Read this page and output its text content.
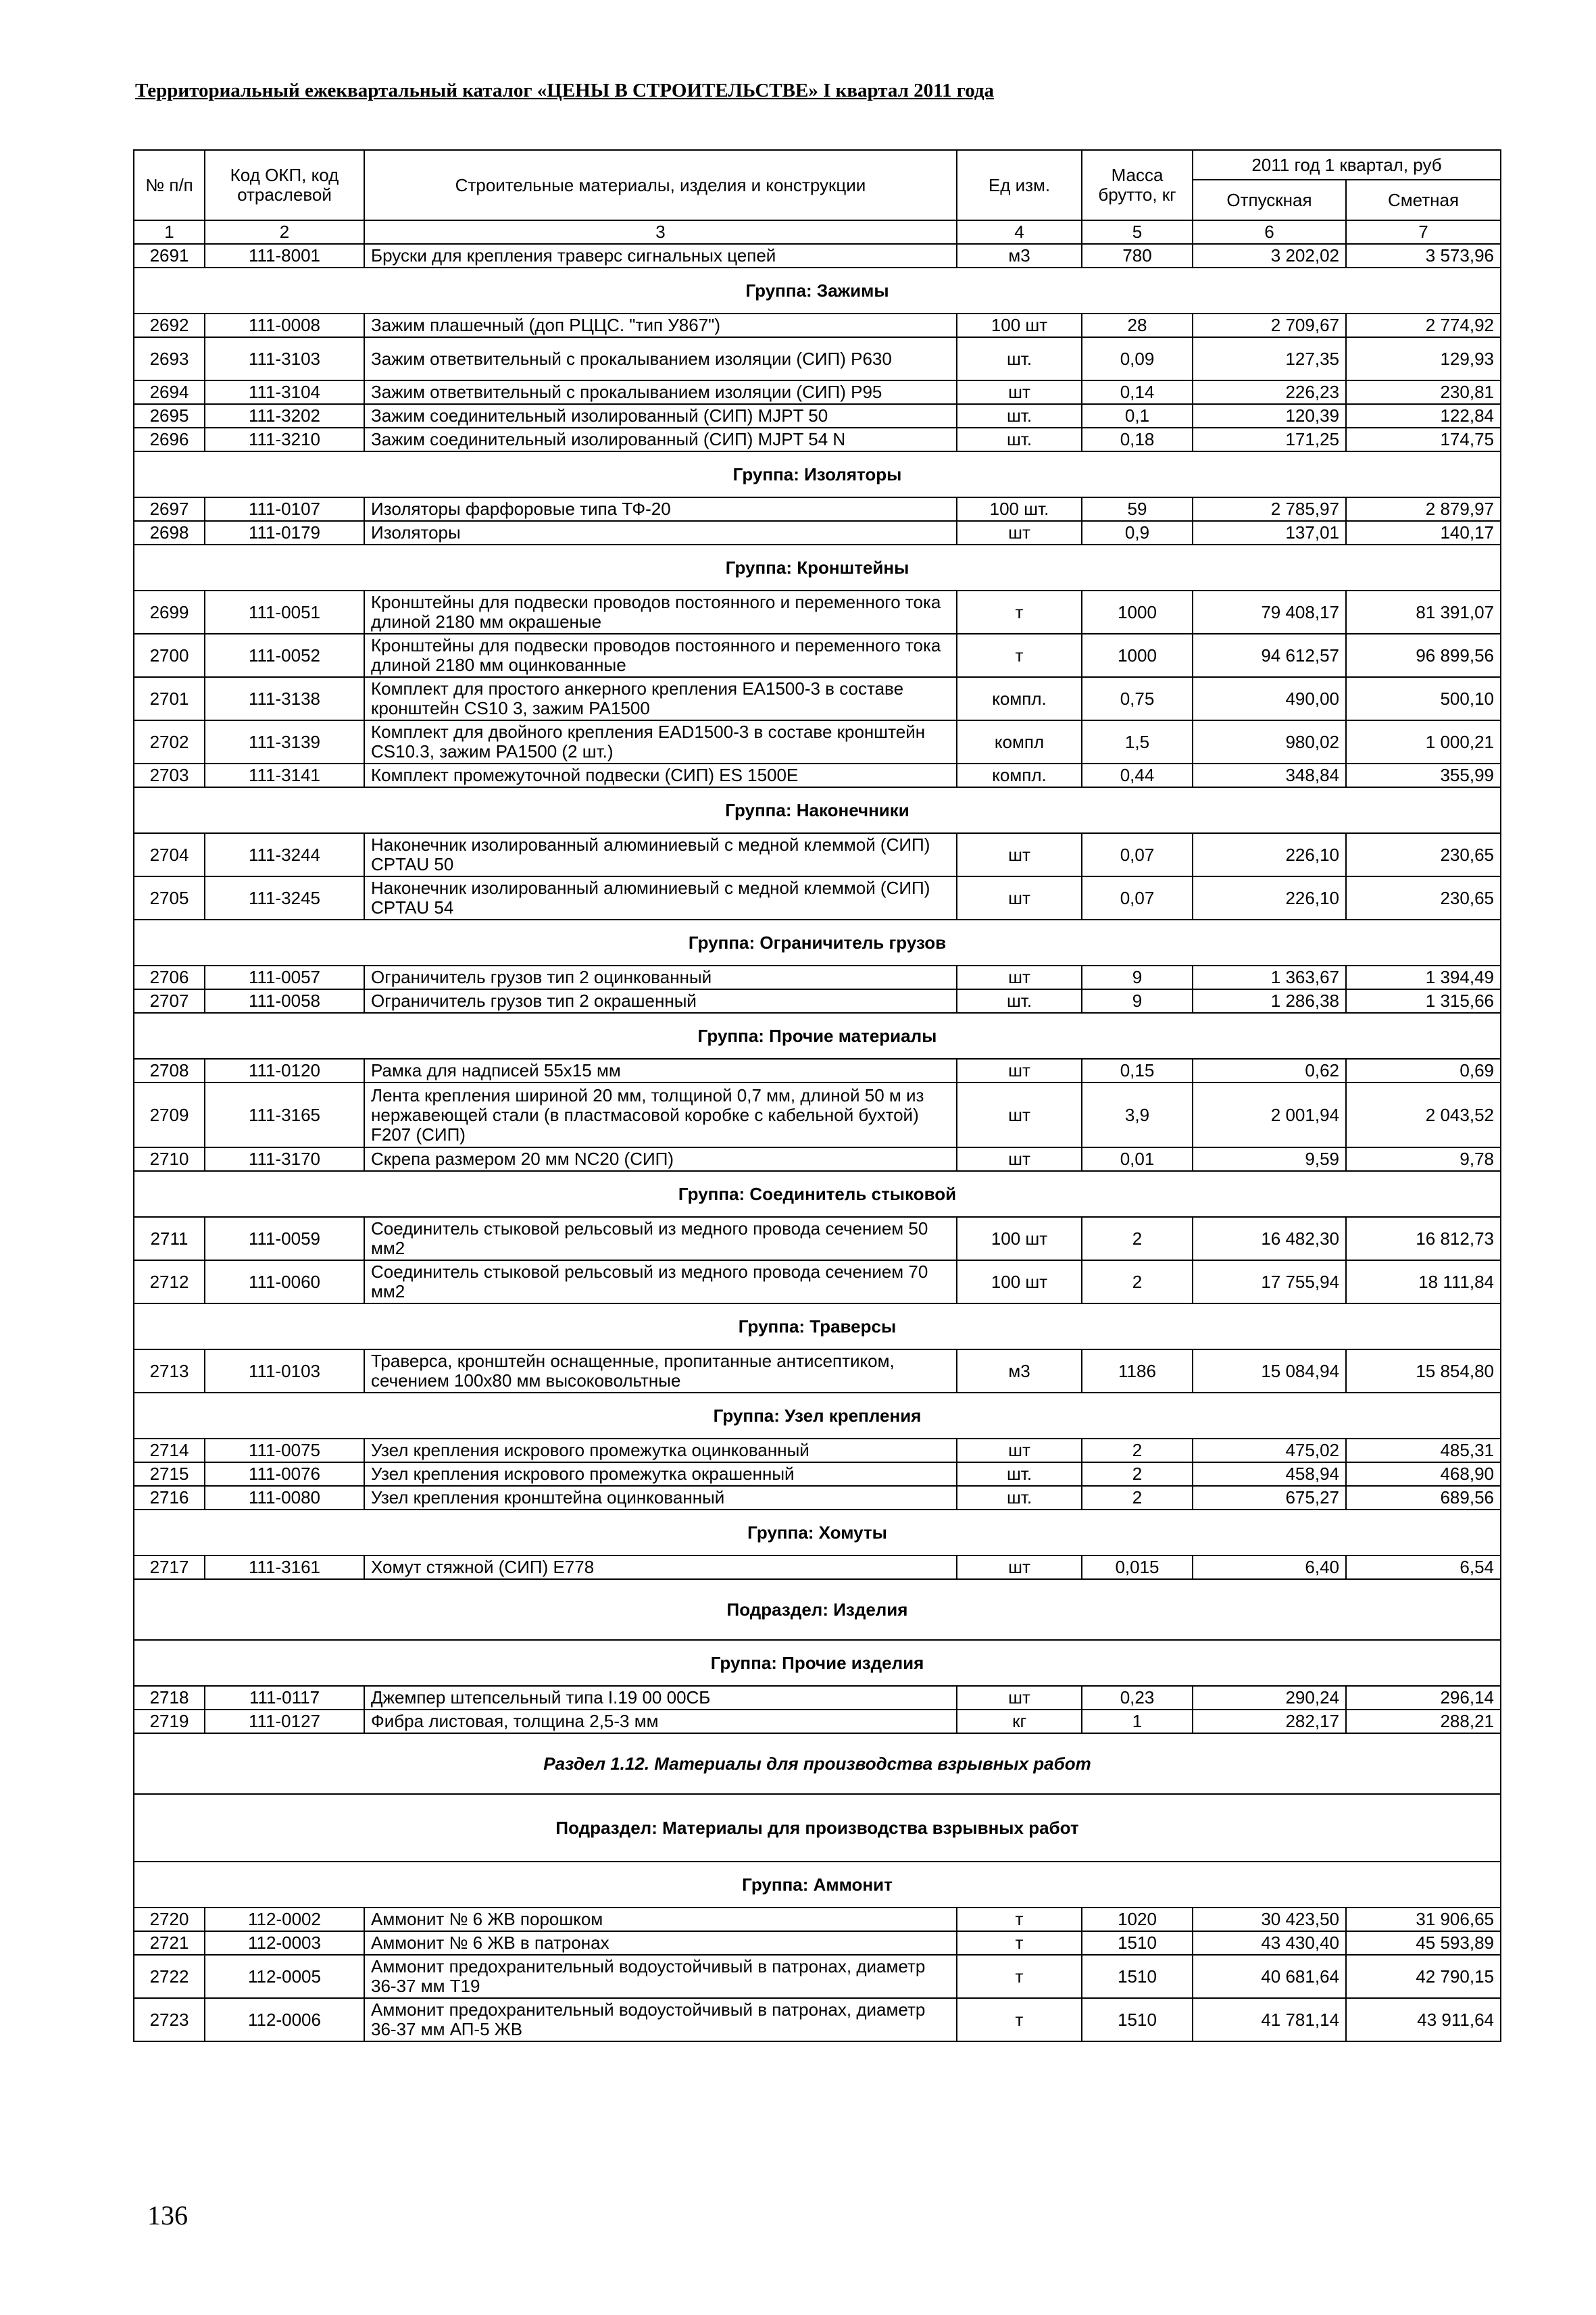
Территориальный ежеквартальный каталог «ЦЕНЫ В СТРОИТЕЛЬСТВЕ» I квартал 2011 года
№ п/п	Код ОКП, код отраслевой	Строительные материалы, изделия и конструкции	Ед изм.	Масса брутто, кг	2011 год 1 квартал, руб	
					Отпускная	Сметная
1	2	3	4	5	6	7
2691	111-8001	Бруски для крепления траверс сигнальных цепей	м3	780	3 202,02	3 573,96
Группа: Зажимы						
2692	111-0008	Зажим плашечный (доп РЦЦС. "тип У867")	100 шт	28	2 709,67	2 774,92
2693	111-3103	Зажим ответвительный с прокалыванием изоляции (СИП) Р630	шт.	0,09	127,35	129,93
2694	111-3104	Зажим ответвительный с прокалыванием изоляции (СИП) Р95	шт	0,14	226,23	230,81
2695	111-3202	Зажим соединительный изолированный (СИП) MJPT 50	шт.	0,1	120,39	122,84
2696	111-3210	Зажим соединительный изолированный (СИП) MJPT 54 N	шт.	0,18	171,25	174,75
Группа: Изоляторы						
2697	111-0107	Изоляторы фарфоровые типа ТФ-20	100 шт.	59	2 785,97	2 879,97
2698	111-0179	Изоляторы	шт	0,9	137,01	140,17
Группа: Кронштейны						
2699	111-0051	Кронштейны для подвески проводов постоянного и переменного тока длиной 2180 мм окрашеные	т	1000	79 408,17	81 391,07
2700	111-0052	Кронштейны для подвески проводов постоянного и переменного тока длиной 2180 мм оцинкованные	т	1000	94 612,57	96 899,56
2701	111-3138	Комплект для простого анкерного крепления ЕА1500-3 в составе кронштейн CS10 3, зажим PA1500	компл.	0,75	490,00	500,10
2702	111-3139	Комплект для двойного крепления EAD1500-3 в составе кронштейн CS10.3, зажим PA1500 (2 шт.)	компл	1,5	980,02	1 000,21
2703	111-3141	Комплект промежуточной подвески (СИП) ES 1500Е	компл.	0,44	348,84	355,99
Группа: Наконечники						
2704	111-3244	Наконечник изолированный алюминиевый с медной клеммой (СИП) CPTAU 50	шт	0,07	226,10	230,65
2705	111-3245	Наконечник изолированный алюминиевый с медной клеммой (СИП) CPTAU 54	шт	0,07	226,10	230,65
Группа: Ограничитель грузов						
2706	111-0057	Ограничитель грузов тип 2 оцинкованный	шт	9	1 363,67	1 394,49
2707	111-0058	Ограничитель грузов тип 2 окрашенный	шт.	9	1 286,38	1 315,66
Группа: Прочие материалы						
2708	111-0120	Рамка для надписей 55х15 мм	шт	0,15	0,62	0,69
2709	111-3165	Лента крепления шириной 20 мм, толщиной 0,7 мм, длиной 50 м из нержавеющей стали (в пластмасовой коробке с кабельной бухтой) F207 (СИП)	шт	3,9	2 001,94	2 043,52
2710	111-3170	Скрепа размером 20 мм NC20 (СИП)	шт	0,01	9,59	9,78
Группа: Соединитель стыковой						
2711	111-0059	Соединитель стыковой рельсовый из медного провода сечением 50 мм2	100 шт	2	16 482,30	16 812,73
2712	111-0060	Соединитель стыковой рельсовый из медного провода сечением 70 мм2	100 шт	2	17 755,94	18 111,84
Группа: Траверсы						
2713	111-0103	Траверса, кронштейн оснащенные, пропитанные антисептиком, сечением 100х80 мм высоковольтные	м3	1186	15 084,94	15 854,80
Группа: Узел крепления						
2714	111-0075	Узел крепления искрового промежутка оцинкованный	шт	2	475,02	485,31
2715	111-0076	Узел крепления искрового промежутка окрашенный	шт.	2	458,94	468,90
2716	111-0080	Узел крепления кронштейна оцинкованный	шт.	2	675,27	689,56
Группа: Хомуты						
2717	111-3161	Хомут стяжной (СИП) Е778	шт	0,015	6,40	6,54
Подраздел: Изделия						
Группа: Прочие изделия						
2718	111-0117	Джемпер штепсельный типа I.19 00 00СБ	шт	0,23	290,24	296,14
2719	111-0127	Фибра листовая, толщина 2,5-3 мм	кг	1	282,17	288,21
Раздел 1.12. Материалы для производства взрывных работ						
Подраздел: Материалы для производства взрывных работ						
Группа: Аммонит						
2720	112-0002	Аммонит № 6 ЖВ порошком	т	1020	30 423,50	31 906,65
2721	112-0003	Аммонит № 6 ЖВ в патронах	т	1510	43 430,40	45 593,89
2722	112-0005	Аммонит предохранительный водоустойчивый в патронах, диаметр 36-37 мм Т19	т	1510	40 681,64	42 790,15
2723	112-0006	Аммонит предохранительный водоустойчивый в патронах, диаметр 36-37 мм АП-5 ЖВ	т	1510	41 781,14	43 911,64
136
